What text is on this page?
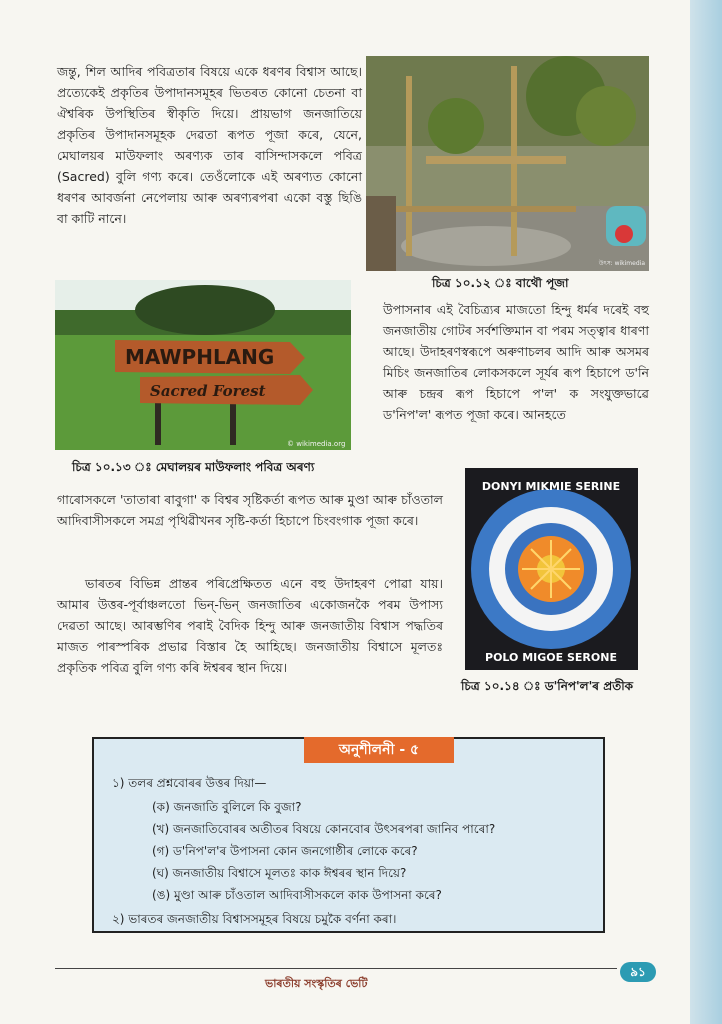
জন্তু, শিল আদিৰ পবিত্ৰতাৰ বিষয়ে একে ধৰণৰ বিশ্বাস আছে। প্ৰত্যেকেই প্ৰকৃতিৰ উপাদানসমূহৰ ভিতৰত কোনো চেতনা বা ঐশ্বৰিক উপস্থিতিৰ স্বীকৃতি দিয়ে। প্ৰায়ভাগ জনজাতিয়ে প্ৰকৃতিৰ উপাদানসমূহক দেৱতা ৰূপত পূজা কৰে, যেনে, মেঘালয়ৰ মাউফলাং অৰণ্যক তাৰ বাসিন্দাসকলে পবিত্ৰ (Sacred) বুলি গণ্য কৰে। তেওঁলোকে এই অৰণ্যত কোনো ধৰণৰ আবৰ্জনা নেপেলায় আৰু অৰণ্যৰপৰা একো বস্তু ছিঙি বা কাটি নানে।
উৎস: wikimedia
চিত্ৰ ১০.১২ ঃ বাথৌ পূজা
MAWPHLANG
Sacred Forest
© wikimedia.org
চিত্ৰ ১০.১৩ ঃ মেঘালয়ৰ মাউফলাং পবিত্ৰ অৰণ্য
উপাসনাৰ এই বৈচিত্ৰ্যৰ মাজতো হিন্দু ধৰ্মৰ দৰেই বহু জনজাতীয় গোটৰ সৰ্বশক্তিমান বা পৰম সত্ত্বাৰ ধাৰণা আছে। উদাহৰণস্বৰূপে অৰুণাচলৰ আদি আৰু অসমৰ মিচিং জনজাতিৰ লোকসকলে সূৰ্যৰ ৰূপ হিচাপে ড'নি আৰু চন্দ্ৰৰ ৰূপ হিচাপে প'ল' ক সংযুক্তভাৱে ড'নিপ'ল' ৰূপত পূজা কৰে। আনহতে
গাৰোসকলে 'তাতাৰা ৰাবুগা' ক বিশ্বৰ সৃষ্টিকৰ্তা ৰূপত আৰু মুণ্ডা আৰু চাঁওতাল আদিবাসীসকলে সমগ্ৰ পৃথিৱীখনৰ সৃষ্টি-কৰ্তা হিচাপে চিংবংগাক পূজা কৰে।
ভাৰতৰ বিভিন্ন প্ৰান্তৰ পৰিপ্ৰেক্ষিতত এনে বহু উদাহৰণ পোৱা যায়। আমাৰ উত্তৰ-পূৰ্বাঞ্চলতো ভিন্-ভিন্ জনজাতিৰ একোজনকৈ পৰম উপাস্য দেৱতা আছে। আৰম্ভণিৰ পৰাই বৈদিক হিন্দু আৰু জনজাতীয় বিশ্বাস পদ্ধতিৰ মাজত পাৰস্পৰিক প্ৰভাৱ বিস্তাৰ হৈ আহিছে। জনজাতীয় বিশ্বাসে মূলতঃ প্ৰকৃতিক পবিত্ৰ বুলি গণ্য কৰি ঈশ্বৰৰ স্থান দিয়ে।
DONYI MIKMIE SERINE
POLO MIGOE SERONE
চিত্ৰ ১০.১৪ ঃ ড'নিপ'ল'ৰ প্ৰতীক
অনুশীলনী - ৫
১) তলৰ প্ৰশ্নবোৰৰ উত্তৰ দিয়া—
(ক) জনজাতি বুলিলে কি বুজা?
(খ) জনজাতিবোৰৰ অতীতৰ বিষয়ে কোনবোৰ উৎসৰপৰা জানিব পাৰো?
(গ) ড'নিপ'ল'ৰ উপাসনা কোন জনগোষ্ঠীৰ লোকে কৰে?
(ঘ) জনজাতীয় বিশ্বাসে মূলতঃ কাক ঈশ্বৰৰ স্থান দিয়ে?
(ঙ) মুণ্ডা আৰু চাঁওতাল আদিবাসীসকলে কাক উপাসনা কৰে?
২) ভাৰতৰ জনজাতীয় বিশ্বাসসমূহৰ বিষয়ে চমুকৈ বৰ্ণনা কৰা।
ভাৰতীয় সংস্কৃতিৰ ভেটি
৯১
